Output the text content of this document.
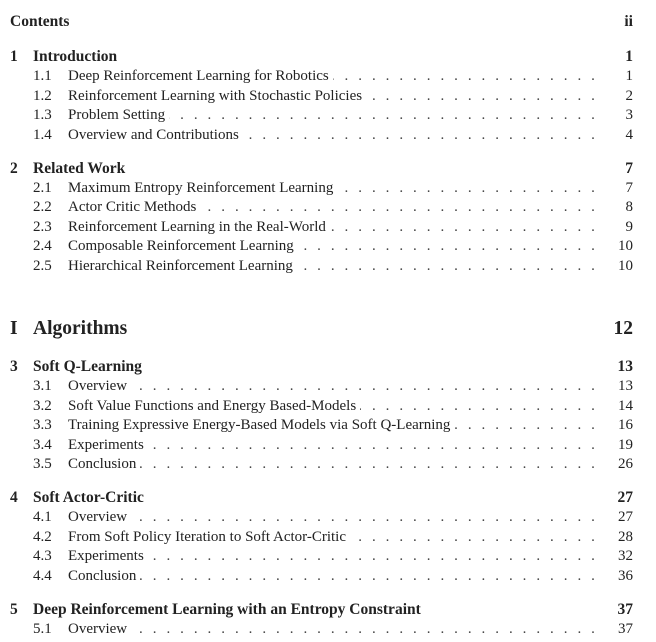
Contents	ii
1 Introduction	1
1.1	Deep Reinforcement Learning for Robotics . . .	1
1.2	Reinforcement Learning with Stochastic Policies . . .	2
1.3	Problem Setting . . .	3
1.4	Overview and Contributions . . .	4
2 Related Work	7
2.1	Maximum Entropy Reinforcement Learning . . .	7
2.2	Actor Critic Methods . . .	8
2.3	Reinforcement Learning in the Real-World . . .	9
2.4	Composable Reinforcement Learning . . .	10
2.5	Hierarchical Reinforcement Learning . . .	10
I Algorithms	12
3 Soft Q-Learning	13
3.1	Overview . . .	13
3.2	Soft Value Functions and Energy Based-Models . . .	14
3.3	Training Expressive Energy-Based Models via Soft Q-Learning . . .	16
3.4	Experiments . . .	19
3.5	Conclusion . . .	26
4 Soft Actor-Critic	27
4.1	Overview . . .	27
4.2	From Soft Policy Iteration to Soft Actor-Critic . . .	28
4.3	Experiments . . .	32
4.4	Conclusion . . .	36
5 Deep Reinforcement Learning with an Entropy Constraint	37
5.1	Overview . . .	37
